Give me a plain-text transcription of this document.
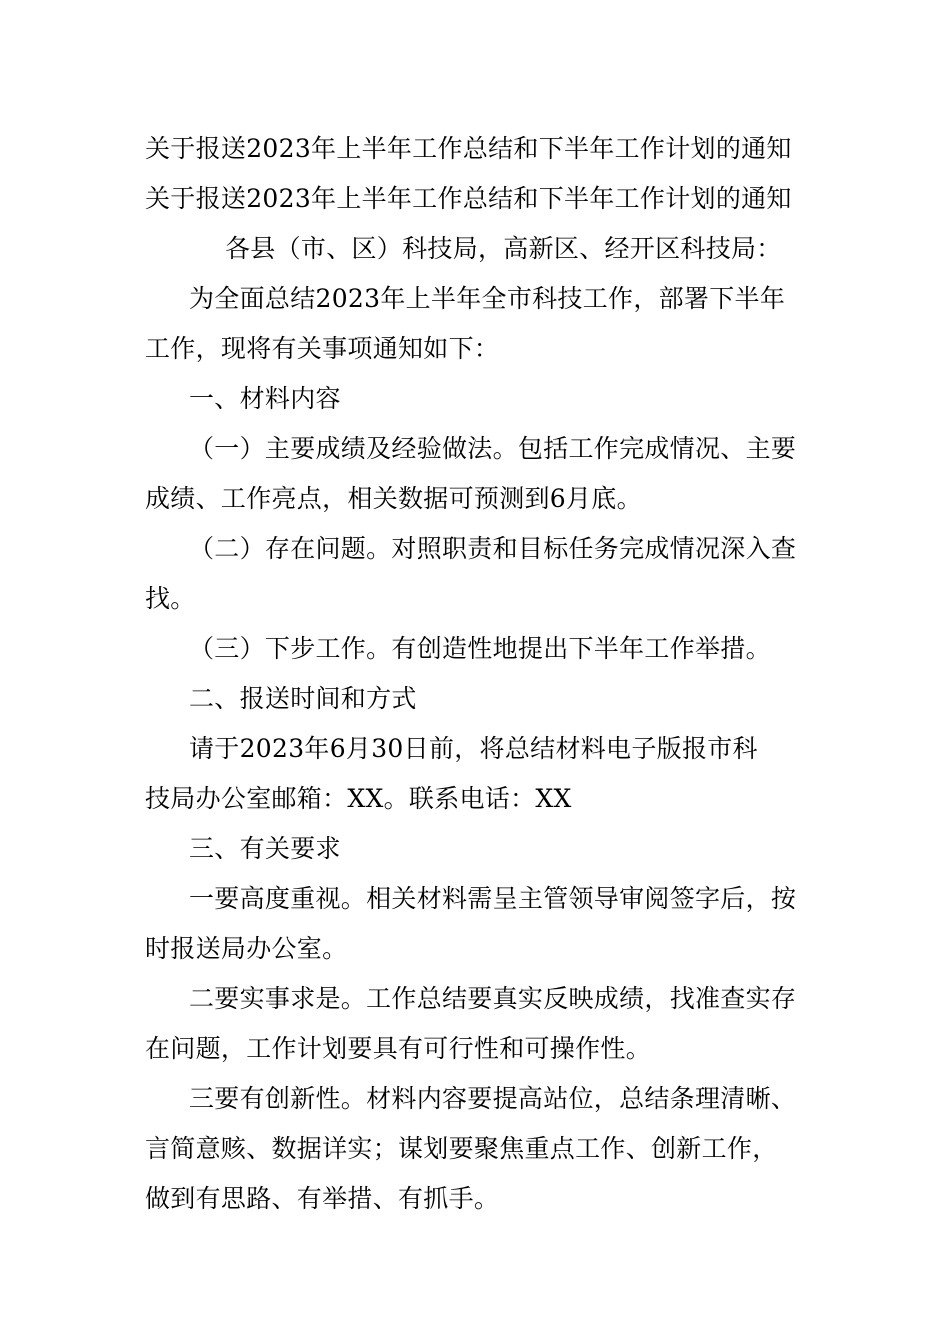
关于报送2023年上半年工作总结和下半年工作计划的通知
关于报送2023年上半年工作总结和下半年工作计划的通知
各县（市、区）科技局，高新区、经开区科技局：
为全面总结2023年上半年全市科技工作，部署下半年
工作，现将有关事项通知如下：
一、材料内容
（一）主要成绩及经验做法。包括工作完成情况、主要
成绩、工作亮点，相关数据可预测到6月底。
（二）存在问题。对照职责和目标任务完成情况深入查
找。
（三）下步工作。有创造性地提出下半年工作举措。
二、报送时间和方式
请于2023年6月30日前，将总结材料电子版报市科
技局办公室邮箱：XX。联系电话：XX
三、有关要求
一要高度重视。相关材料需呈主管领导审阅签字后，按
时报送局办公室。
二要实事求是。工作总结要真实反映成绩，找准查实存
在问题，工作计划要具有可行性和可操作性。
三要有创新性。材料内容要提高站位，总结条理清晰、
言简意赅、数据详实；谋划要聚焦重点工作、创新工作，
做到有思路、有举措、有抓手。
